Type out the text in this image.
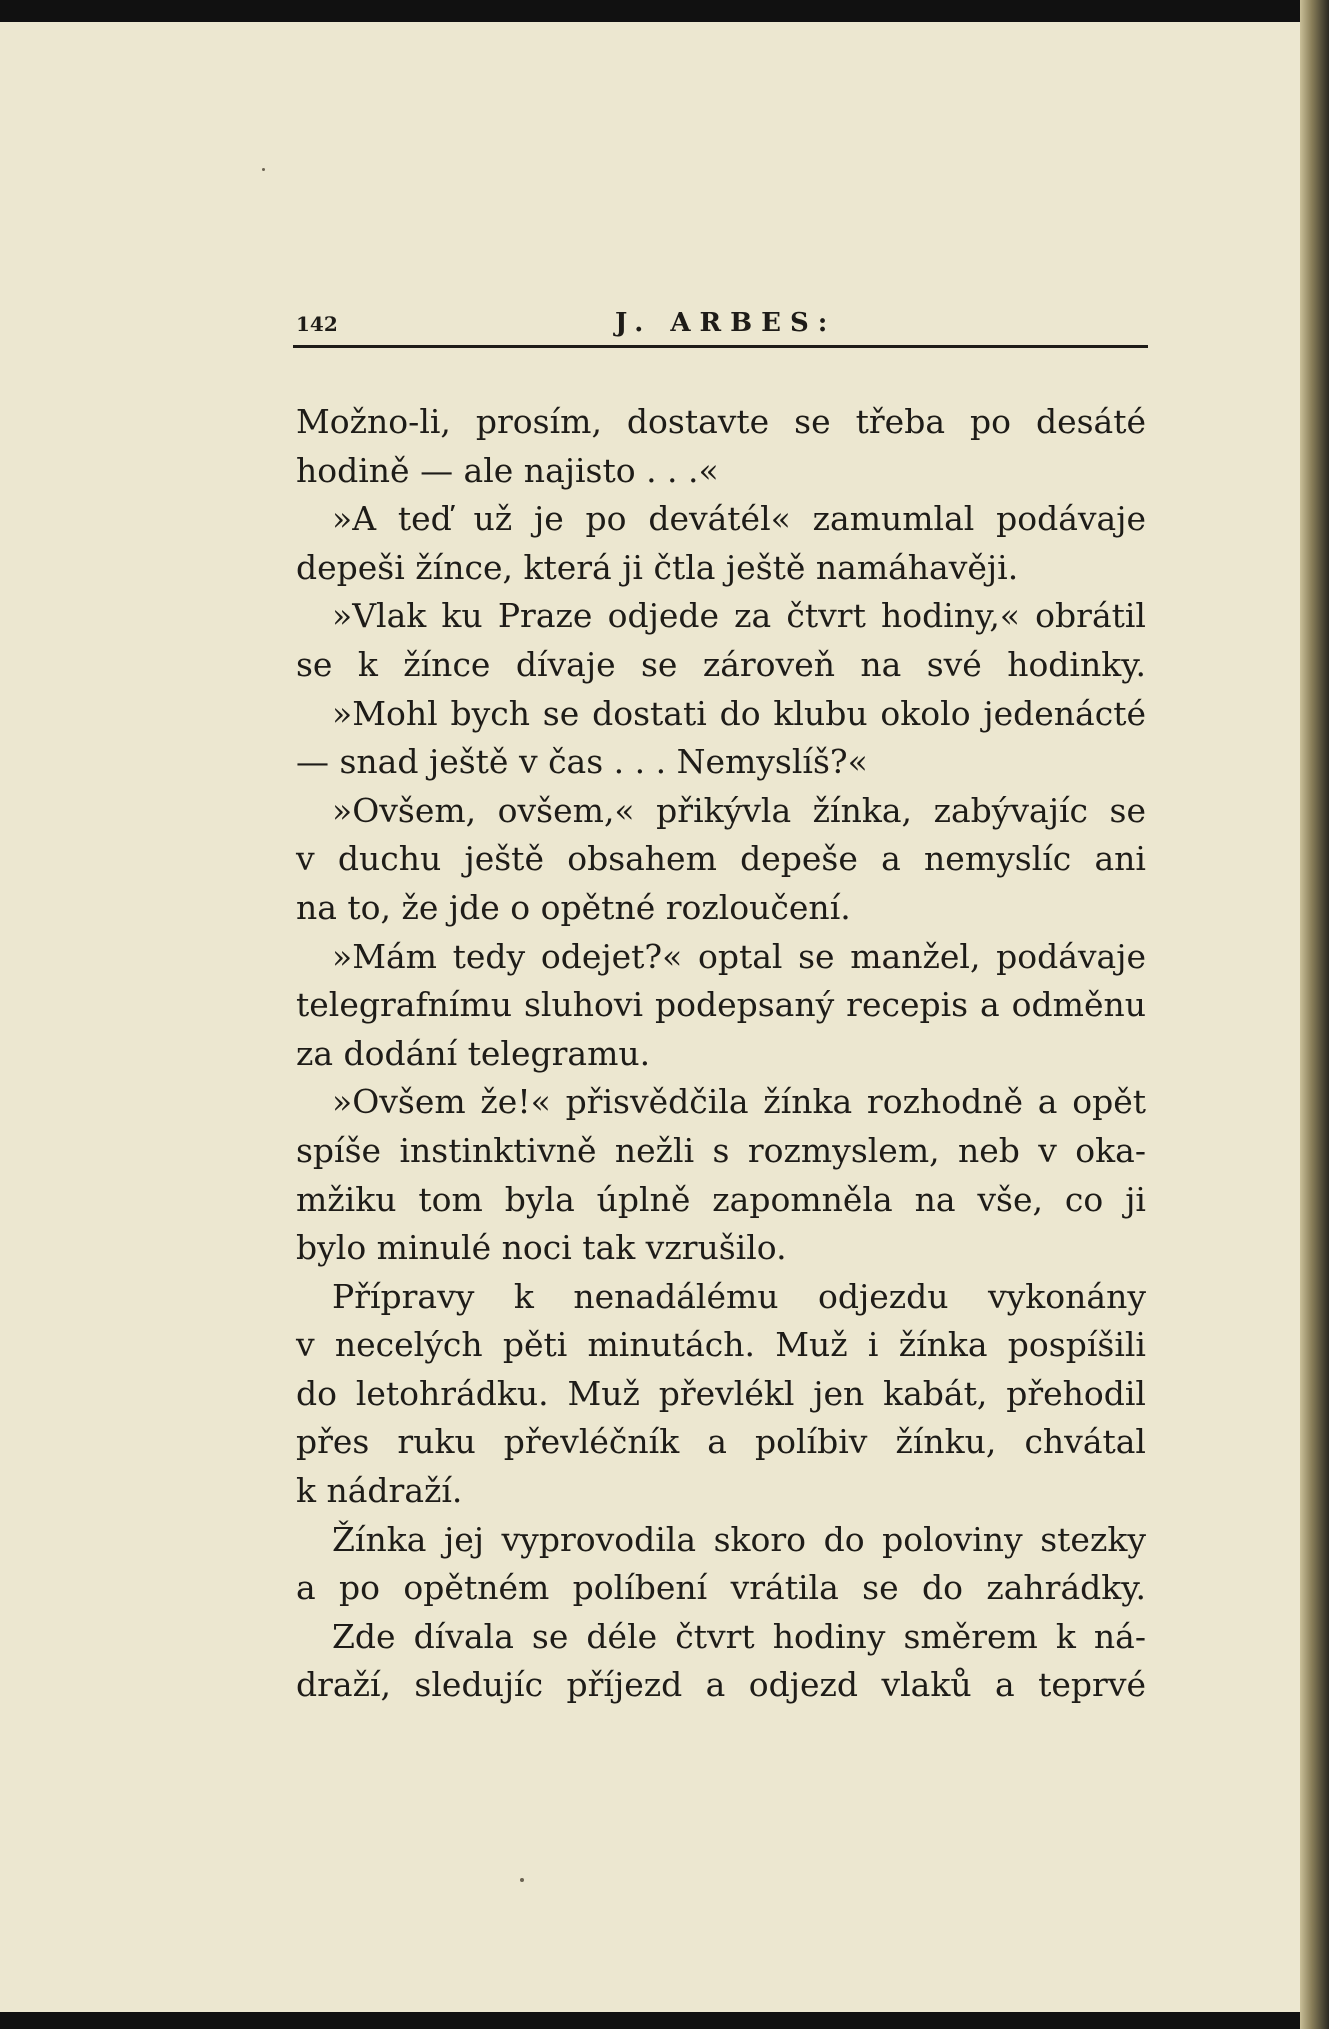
142	J. ARBES:
Možno-li, prosím, dostavte se třeba po desáté
hodině — ale najisto . . .«
»A teď už je po devátél« zamumlal podávaje
depeši žínce, která ji čtla ještě namáhavěji.
»Vlak ku Praze odjede za čtvrt hodiny,« obrátil
se k žínce dívaje se zároveň na své hodinky.
»Mohl bych se dostati do klubu okolo jedenácté
— snad ještě v čas . . . Nemyslíš?«
»Ovšem, ovšem,« přikývla žínka, zabývajíc se
v duchu ještě obsahem depeše a nemyslíc ani
na to, že jde o opětné rozloučení.
»Mám tedy odejet?« optal se manžel, podávaje
telegrafnímu sluhovi podepsaný recepis a odměnu
za dodání telegramu.
»Ovšem že!« přisvědčila žínka rozhodně a opět
spíše instinktivně nežli s rozmyslem, neb v oka-
mžiku tom byla úplně zapomněla na vše, co ji
bylo minulé noci tak vzrušilo.
Přípravy k nenadálému odjezdu vykonány
v necelých pěti minutách. Muž i žínka pospíšili
do letohrádku. Muž převlékl jen kabát, přehodil
přes ruku převléčník a políbiv žínku, chvátal
k nádraží.
Žínka jej vyprovodila skoro do poloviny stezky
a po opětném políbení vrátila se do zahrádky.
Zde dívala se déle čtvrt hodiny směrem k ná-
draží, sledujíc příjezd a odjezd vlaků a teprvé
